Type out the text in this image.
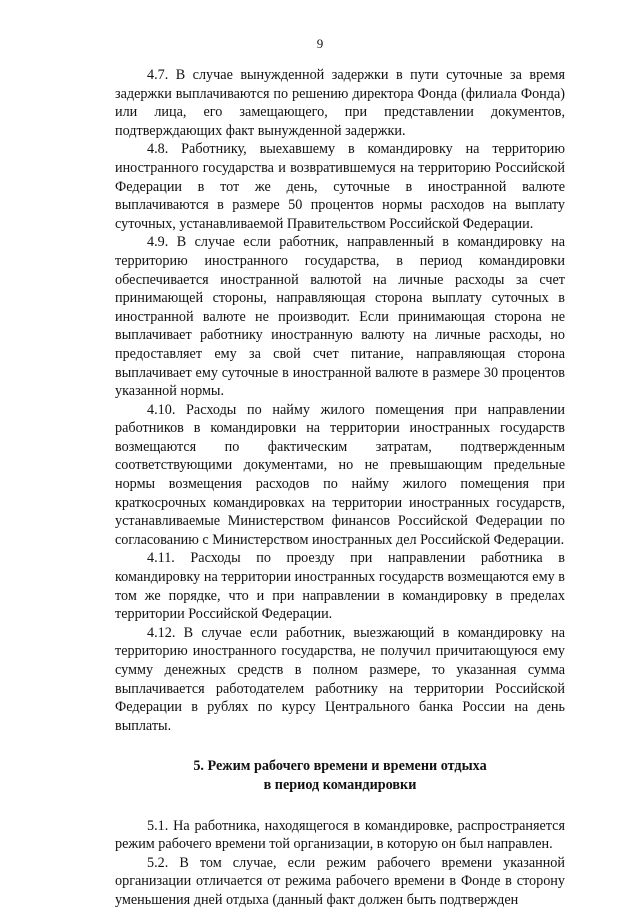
9

4.7. В случае вынужденной задержки в пути суточные за время задержки выплачиваются по решению директора Фонда (филиала Фонда) или лица, его замещающего, при представлении документов, подтверждающих факт вынужденной задержки.

4.8. Работнику, выехавшему в командировку на территорию иностранного государства и возвратившемуся на территорию Российской Федерации в тот же день, суточные в иностранной валюте выплачиваются в размере 50 процентов нормы расходов на выплату суточных, устанавливаемой Правительством Российской Федерации.

4.9. В случае если работник, направленный в командировку на территорию иностранного государства, в период командировки обеспечивается иностранной валютой на личные расходы за счет принимающей стороны, направляющая сторона выплату суточных в иностранной валюте не производит. Если принимающая сторона не выплачивает работнику иностранную валюту на личные расходы, но предоставляет ему за свой счет питание, направляющая сторона выплачивает ему суточные в иностранной валюте в размере 30 процентов указанной нормы.

4.10. Расходы по найму жилого помещения при направлении работников в командировки на территории иностранных государств возмещаются по фактическим затратам, подтвержденным соответствующими документами, но не превышающим предельные нормы возмещения расходов по найму жилого помещения при краткосрочных командировках на территории иностранных государств, устанавливаемые Министерством финансов Российской Федерации по согласованию с Министерством иностранных дел Российской Федерации.

4.11. Расходы по проезду при направлении работника в командировку на территории иностранных государств возмещаются ему в том же порядке, что и при направлении в командировку в пределах территории Российской Федерации.

4.12. В случае если работник, выезжающий в командировку на территорию иностранного государства, не получил причитающуюся ему сумму денежных средств в полном размере, то указанная сумма выплачивается работодателем работнику на территории Российской Федерации в рублях по курсу Центрального банка России на день выплаты.

5. Режим рабочего времени и времени отдыха
в период командировки

5.1. На работника, находящегося в командировке, распространяется режим рабочего времени той организации, в которую он был направлен.

5.2. В том случае, если режим рабочего времени указанной организации отличается от режима рабочего времени в Фонде в сторону уменьшения дней отдыха (данный факт должен быть подтвержден
